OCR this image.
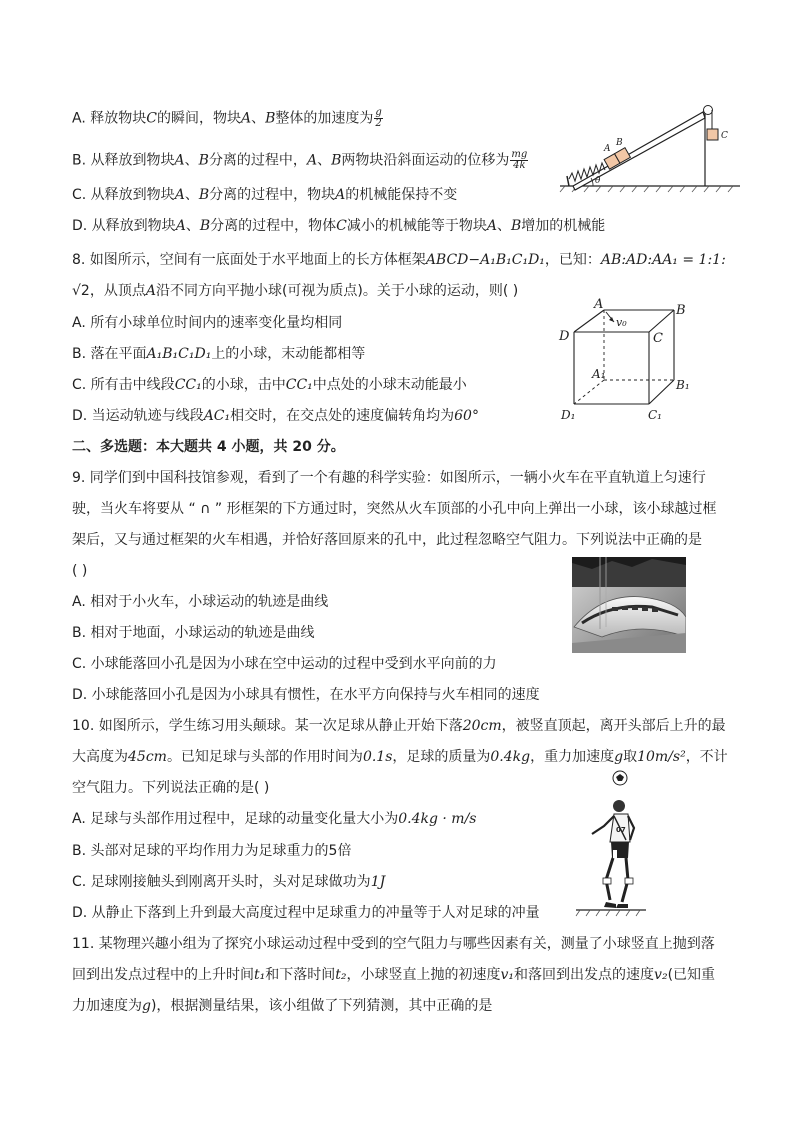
A. 释放物块C的瞬间，物块A、B整体的加速度为 $\frac{g}{2}$
B. 从释放到物块A、B分离的过程中，A、B两物块沿斜面运动的位移为 $\frac{mg}{4k}$
C. 从释放到物块A、B分离的过程中，物块A的机械能保持不变
D. 从释放到物块A、B分离的过程中，物体C减小的机械能等于物块A、B增加的机械能
A
B
θ
C
8. 如图所示，空间有一底面处于水平地面上的长方体框架ABCD−A₁B₁C₁D₁，已知：AB:AD:AA₁ = 1:1:
√2，从顶点A沿不同方向平抛小球(可视为质点)。关于小球的运动，则( )
A. 所有小球单位时间内的速率变化量均相同
B. 落在平面A₁B₁C₁D₁上的小球，末动能都相等
C. 所有击中线段CC₁的小球，击中CC₁中点处的小球末动能最小
D. 当运动轨迹与线段AC₁相交时，在交点处的速度偏转角均为60°
A
v₀
B
D	C
A₁
B₁
D₁	C₁
二、多选题：本大题共 4 小题，共 20 分。
9. 同学们到中国科技馆参观，看到了一个有趣的科学实验：如图所示，一辆小火车在平直轨道上匀速行
驶，当火车将要从 “ ∩ ” 形框架的下方通过时，突然从火车顶部的小孔中向上弹出一小球，该小球越过框
架后，又与通过框架的火车相遇，并恰好落回原来的孔中，此过程忽略空气阻力。下列说法中正确的是
( )
A. 相对于小火车，小球运动的轨迹是曲线
B. 相对于地面，小球运动的轨迹是曲线
C. 小球能落回小孔是因为小球在空中运动的过程中受到水平向前的力
D. 小球能落回小孔是因为小球具有惯性，在水平方向保持与火车相同的速度
10. 如图所示，学生练习用头颠球。某一次足球从静止开始下落20cm，被竖直顶起，离开头部后上升的最
大高度为45cm。已知足球与头部的作用时间为0.1s，足球的质量为0.4kg，重力加速度g取10m/s²，不计
空气阻力。下列说法正确的是( )
A. 足球与头部作用过程中，足球的动量变化量大小为0.4kg · m/s
B. 头部对足球的平均作用力为足球重力的5倍
C. 足球刚接触头到刚离开头时，头对足球做功为1J
D. 从静止下落到上升到最大高度过程中足球重力的冲量等于人对足球的冲量
07
11. 某物理兴趣小组为了探究小球运动过程中受到的空气阻力与哪些因素有关，测量了小球竖直上抛到落
回到出发点过程中的上升时间t₁和下落时间t₂，小球竖直上抛的初速度v₁和落回到出发点的速度v₂(已知重
力加速度为g)，根据测量结果，该小组做了下列猜测，其中正确的是
